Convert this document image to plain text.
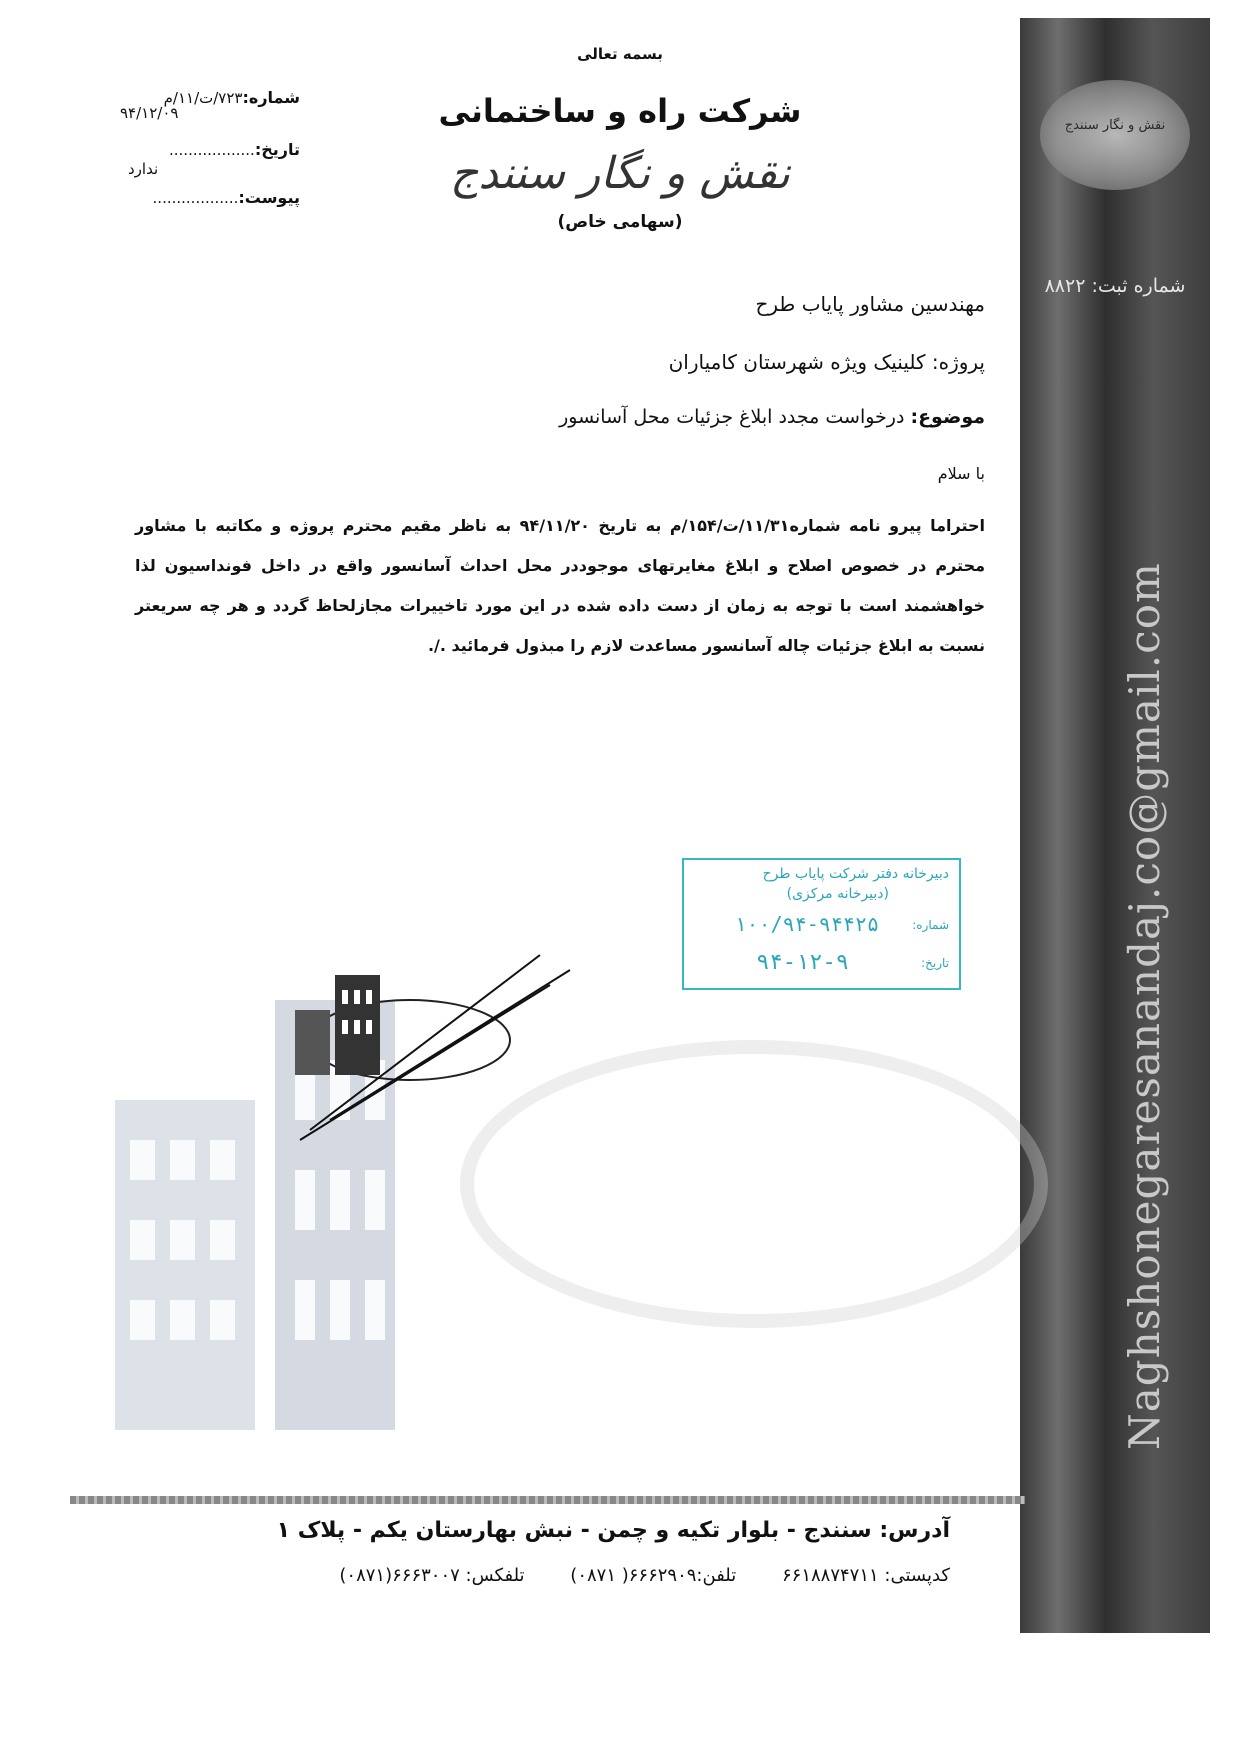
نقش و نگار سنندج
شماره ثبت: ۸۸۲۲
Naghshonegaresanandaj.co@gmail.com
بسمه تعالی
شرکت راه و ساختمانی
نقش و نگار سنندج
(سهامی خاص)
شماره:۷۲۳/ت/۱۱/م
۹۴/۱۲/۰۹
تاریخ:..................
ندارد
پیوست:..................
مهندسین مشاور پایاب طرح
پروژه: کلینیک ویژه شهرستان کامیاران
موضوع: درخواست مجدد ابلاغ جزئیات محل آسانسور
با سلام
احتراما پیرو نامه شماره۱۱/۳۱/ت/۱۵۴/م به تاریخ ۹۴/۱۱/۲۰ به ناظر مقیم محترم پروژه و مکاتبه با مشاور محترم در خصوص اصلاح و ابلاغ مغایرتهای موجوددر محل احداث آسانسور واقع در داخل فونداسیون لذا خواهشمند است با توجه به زمان از دست داده شده در این مورد تاخییرات مجازلحاظ گردد و هر چه سریعتر نسبت به ابلاغ جزئیات چاله آسانسور مساعدت لازم را مبذول فرمائید ./.
دبیرخانه دفتر شرکت پایاب طرح
(دبیرخانه مرکزی)
شماره:
۱۰۰/۹۴-۹۴۴۲۵
تاریخ:
۹۴-۱۲-۹
آدرس: سنندج - بلوار تکیه و چمن - نبش بهارستان یکم - پلاک ۱
کدپستی: ۶۶۱۸۸۷۴۷۱۱ تلفن:۶۶۶۲۹۰۹( ۰۸۷۱) تلفکس: ۶۶۶۳۰۰۷(۰۸۷۱)
